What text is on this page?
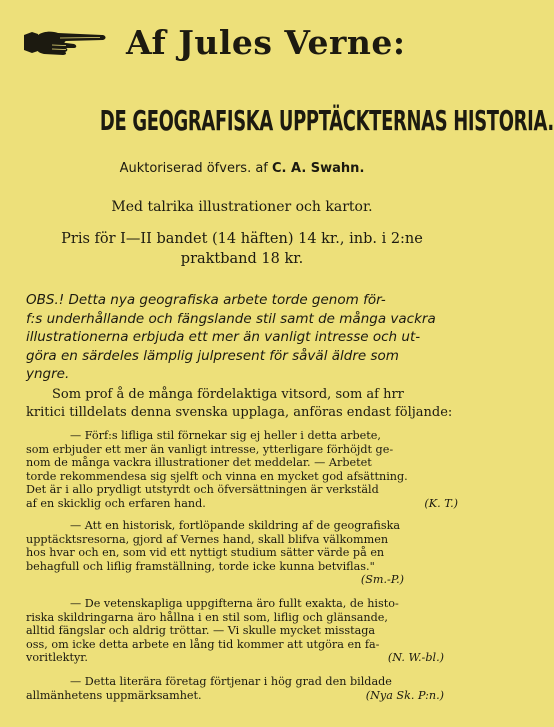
Af Jules Verne:
DE GEOGRAFISKA UPPTÄCKTERNAS HISTORIA.
Auktoriserad öfvers. af C. A. Swahn.
Med talrika illustrationer och kartor.
Pris för I—II bandet (14 häften) 14 kr., inb. i 2:ne
praktband 18 kr.
OBS.! Detta nya geografiska arbete torde genom för-
f:s underhållande och fängslande stil samt de många vackra
illustrationerna erbjuda ett mer än vanligt intresse och ut-
göra en särdeles lämplig julpresent för såväl äldre som
yngre.
Som prof å de många fördelaktiga vitsord, som af hrr
kritici tilldelats denna svenska upplaga, anföras endast följande:
— Förf:s lifliga stil förnekar sig ej heller i detta arbete,
som erbjuder ett mer än vanligt intresse, ytterligare förhöjdt ge-
nom de många vackra illustrationer det meddelar. — Arbetet
torde rekommendesa sig sjelft och vinna en mycket god afsättning.
Det är i allo prydligt utstyrdt och öfversättningen är verkstäld
af en skicklig och erfaren hand.	(K. T.)
— Att en historisk, fortlöpande skildring af de geografiska
upptäcktsresorna, gjord af Vernes hand, skall blifva välkommen
hos hvar och en, som vid ett nyttigt studium sätter värde på en
behagfull och liflig framställning, torde icke kunna betviflas."
(Sm.-P.)
— De vetenskapliga uppgifterna äro fullt exakta, de histo-
riska skildringarna äro hållna i en stil som, liflig och glänsande,
alltid fängslar och aldrig tröttar. — Vi skulle mycket misstaga
oss, om icke detta arbete en lång tid kommer att utgöra en fa-
voritlektyr.	(N. W.-bl.)
— Detta literära företag förtjenar i hög grad den bildade
allmänhetens uppmärksamhet.	(Nya Sk. P:n.)
